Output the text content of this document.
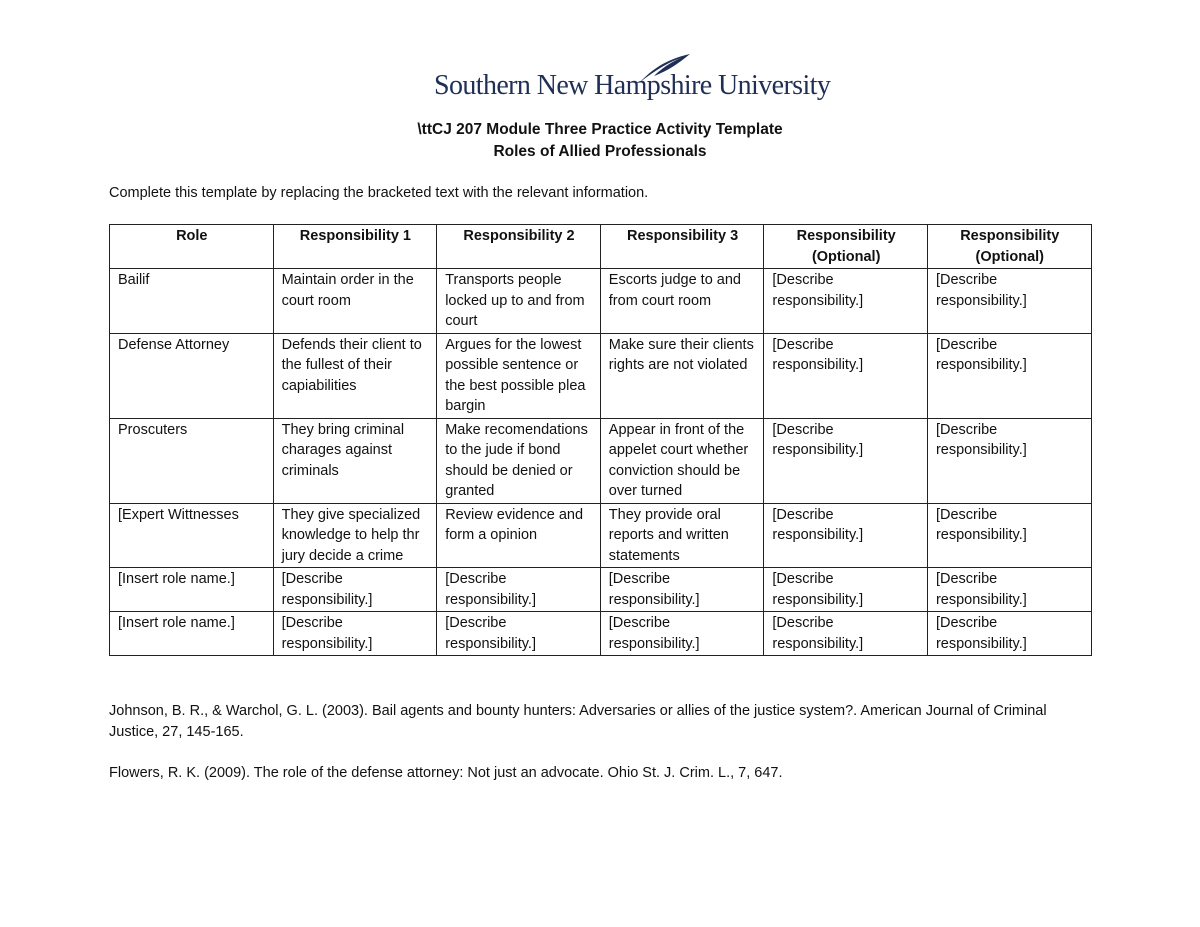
Southern New Hampshire University
\ttCJ 207 Module Three Practice Activity Template
Roles of Allied Professionals
Complete this template by replacing the bracketed text with the relevant information.
Role	Responsibility 1	Responsibility 2	Responsibility 3	Responsibility (Optional)	Responsibility (Optional)
Bailif	Maintain order in the court room	Transports people locked up to and from court	Escorts judge to and from court room	[Describe responsibility.]	[Describe responsibility.]
Defense Attorney	Defends their client to the fullest of their capiabilities	Argues for the lowest possible sentence or the best possible plea bargin	Make sure their clients rights are not violated	[Describe responsibility.]	[Describe responsibility.]
Proscuters	They bring criminal charages against criminals	Make recomendations to the jude if bond should be denied or granted	Appear in front of the appelet court whether conviction should be over turned	[Describe responsibility.]	[Describe responsibility.]
[Expert Wittnesses	They give specialized knowledge to help thr jury decide a crime	Review evidence and form a opinion	They provide oral reports and written statements	[Describe responsibility.]	[Describe responsibility.]
[Insert role name.]	[Describe responsibility.]	[Describe responsibility.]	[Describe responsibility.]	[Describe responsibility.]	[Describe responsibility.]
[Insert role name.]	[Describe responsibility.]	[Describe responsibility.]	[Describe responsibility.]	[Describe responsibility.]	[Describe responsibility.]
Johnson, B. R., & Warchol, G. L. (2003). Bail agents and bounty hunters: Adversaries or allies of the justice system?. American Journal of Criminal Justice, 27, 145-165.
Flowers, R. K. (2009). The role of the defense attorney: Not just an advocate. Ohio St. J. Crim. L., 7, 647.
